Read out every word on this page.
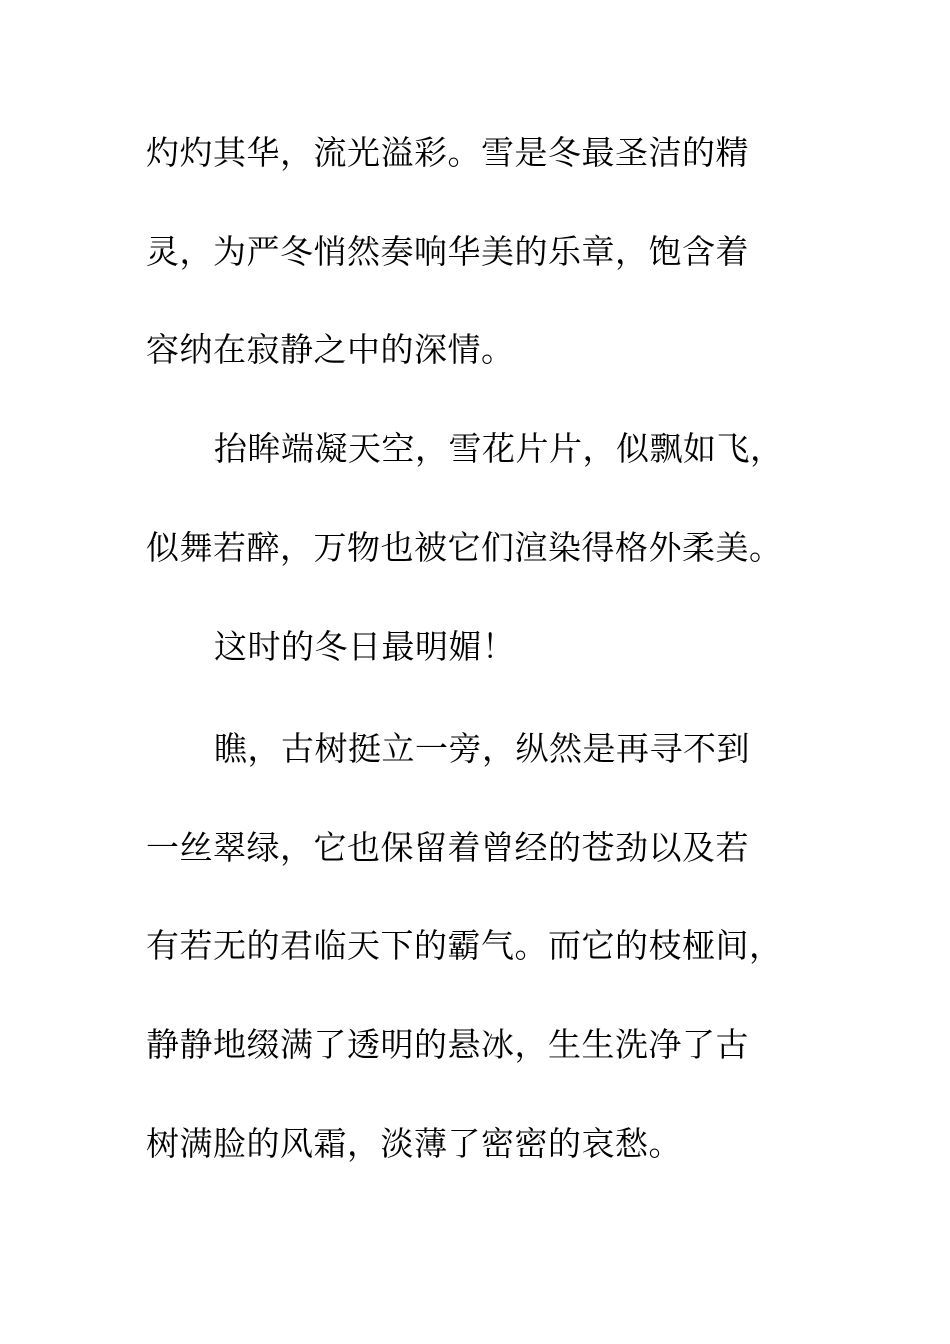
灼灼其华，流光溢彩。雪是冬最圣洁的精
灵，为严冬悄然奏响华美的乐章，饱含着
容纳在寂静之中的深情。
抬眸端凝天空，雪花片片，似飘如飞，
似舞若醉，万物也被它们渲染得格外柔美。
这时的冬日最明媚！
瞧，古树挺立一旁，纵然是再寻不到
一丝翠绿，它也保留着曾经的苍劲以及若
有若无的君临天下的霸气。而它的枝桠间，
静静地缀满了透明的悬冰，生生洗净了古
树满脸的风霜，淡薄了密密的哀愁。
